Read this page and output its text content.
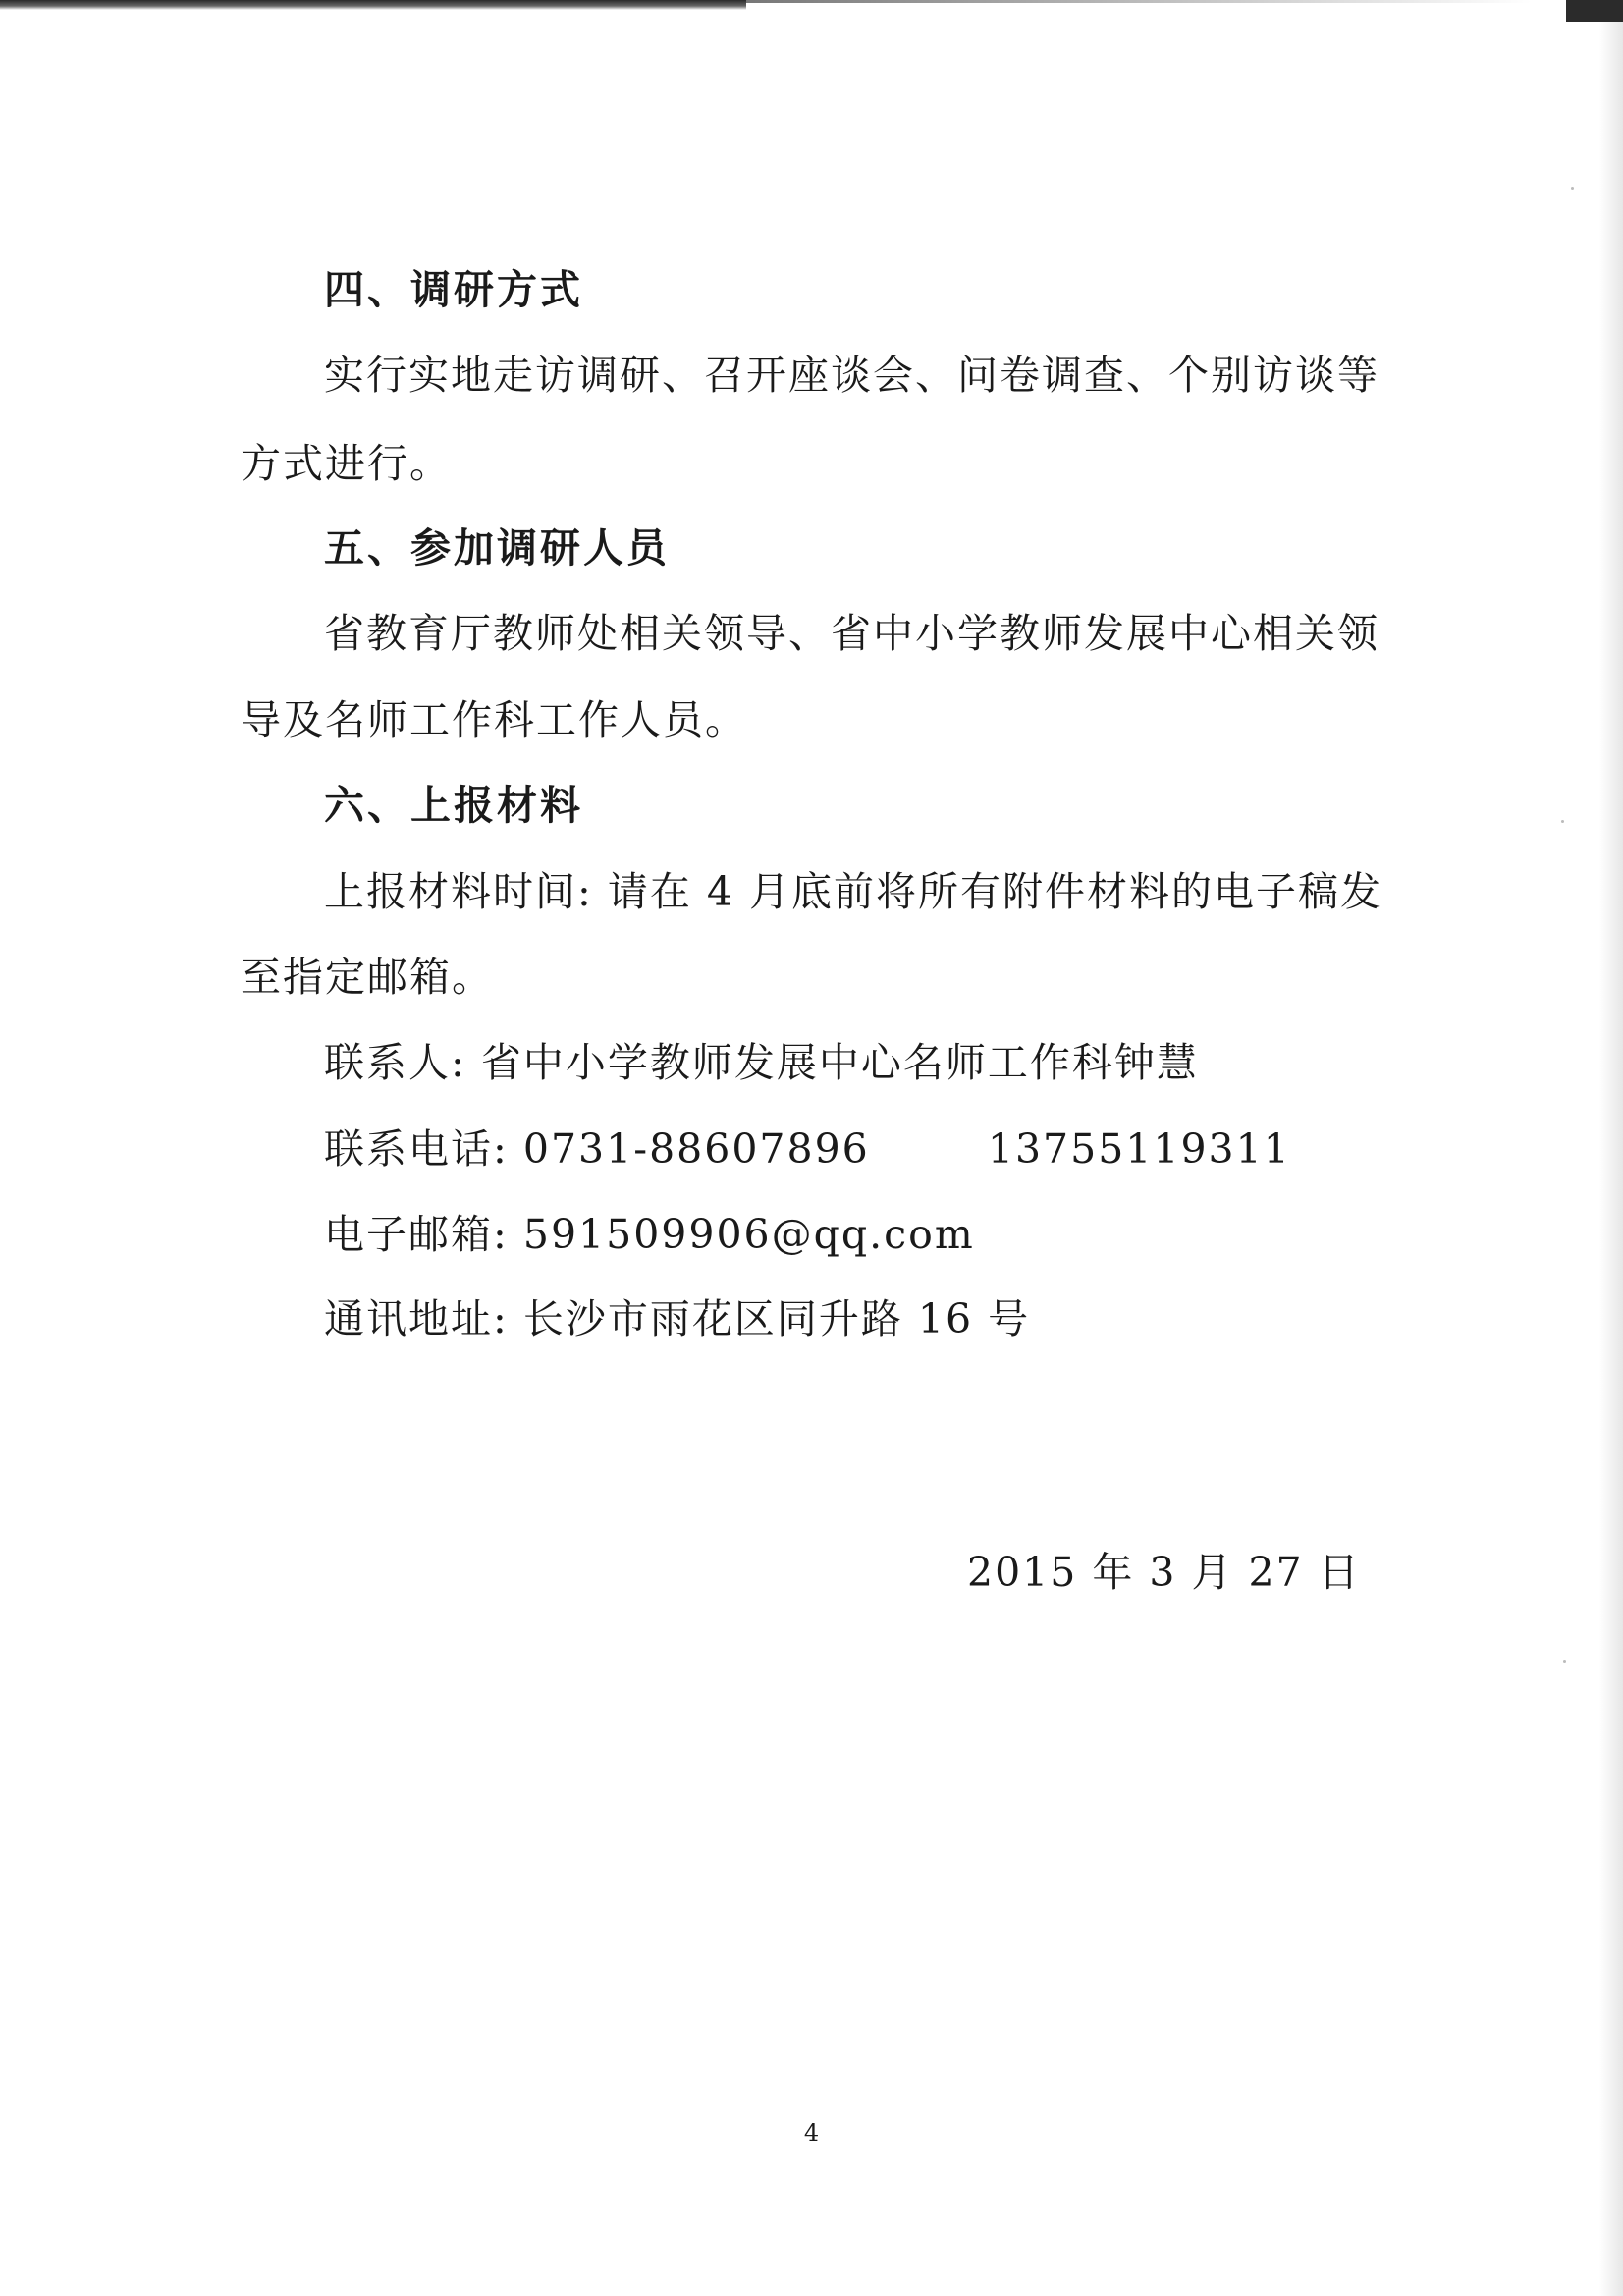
四、调研方式
实行实地走访调研、召开座谈会、问卷调查、个别访谈等
方式进行。
五、参加调研人员
省教育厅教师处相关领导、省中小学教师发展中心相关领
导及名师工作科工作人员。
六、上报材料
上报材料时间: 请在 4 月底前将所有附件材料的电子稿发
至指定邮箱。
联系人: 省中小学教师发展中心名师工作科钟慧
联系电话: 0731-88607896	13755119311
电子邮箱: 591509906@qq.com
通讯地址: 长沙市雨花区同升路 16 号
2015 年 3 月 27 日
4
